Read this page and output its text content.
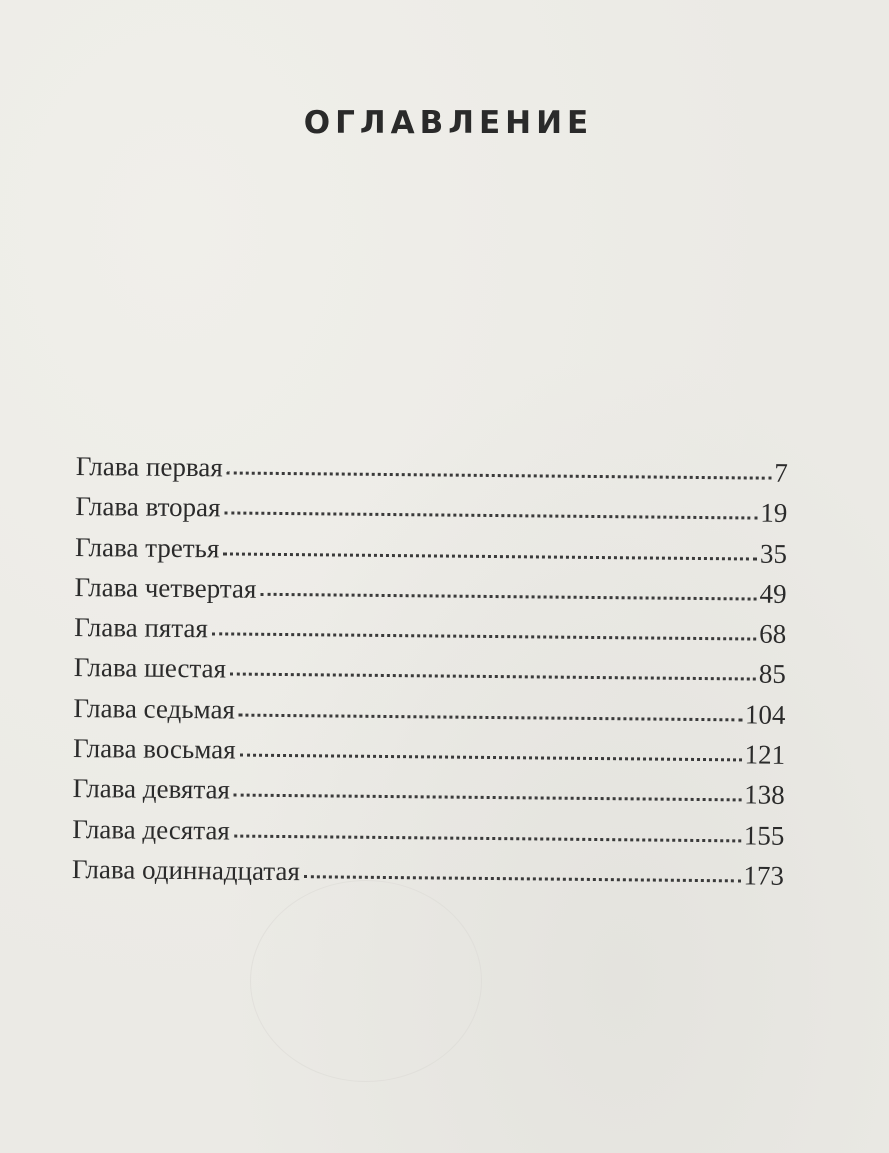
ОГЛАВЛЕНИЕ
Глава первая	7
Глава вторая	19
Глава третья	35
Глава четвертая	49
Глава пятая	68
Глава шестая	85
Глава седьмая	104
Глава восьмая	121
Глава девятая	138
Глава десятая	155
Глава одиннадцатая	173
